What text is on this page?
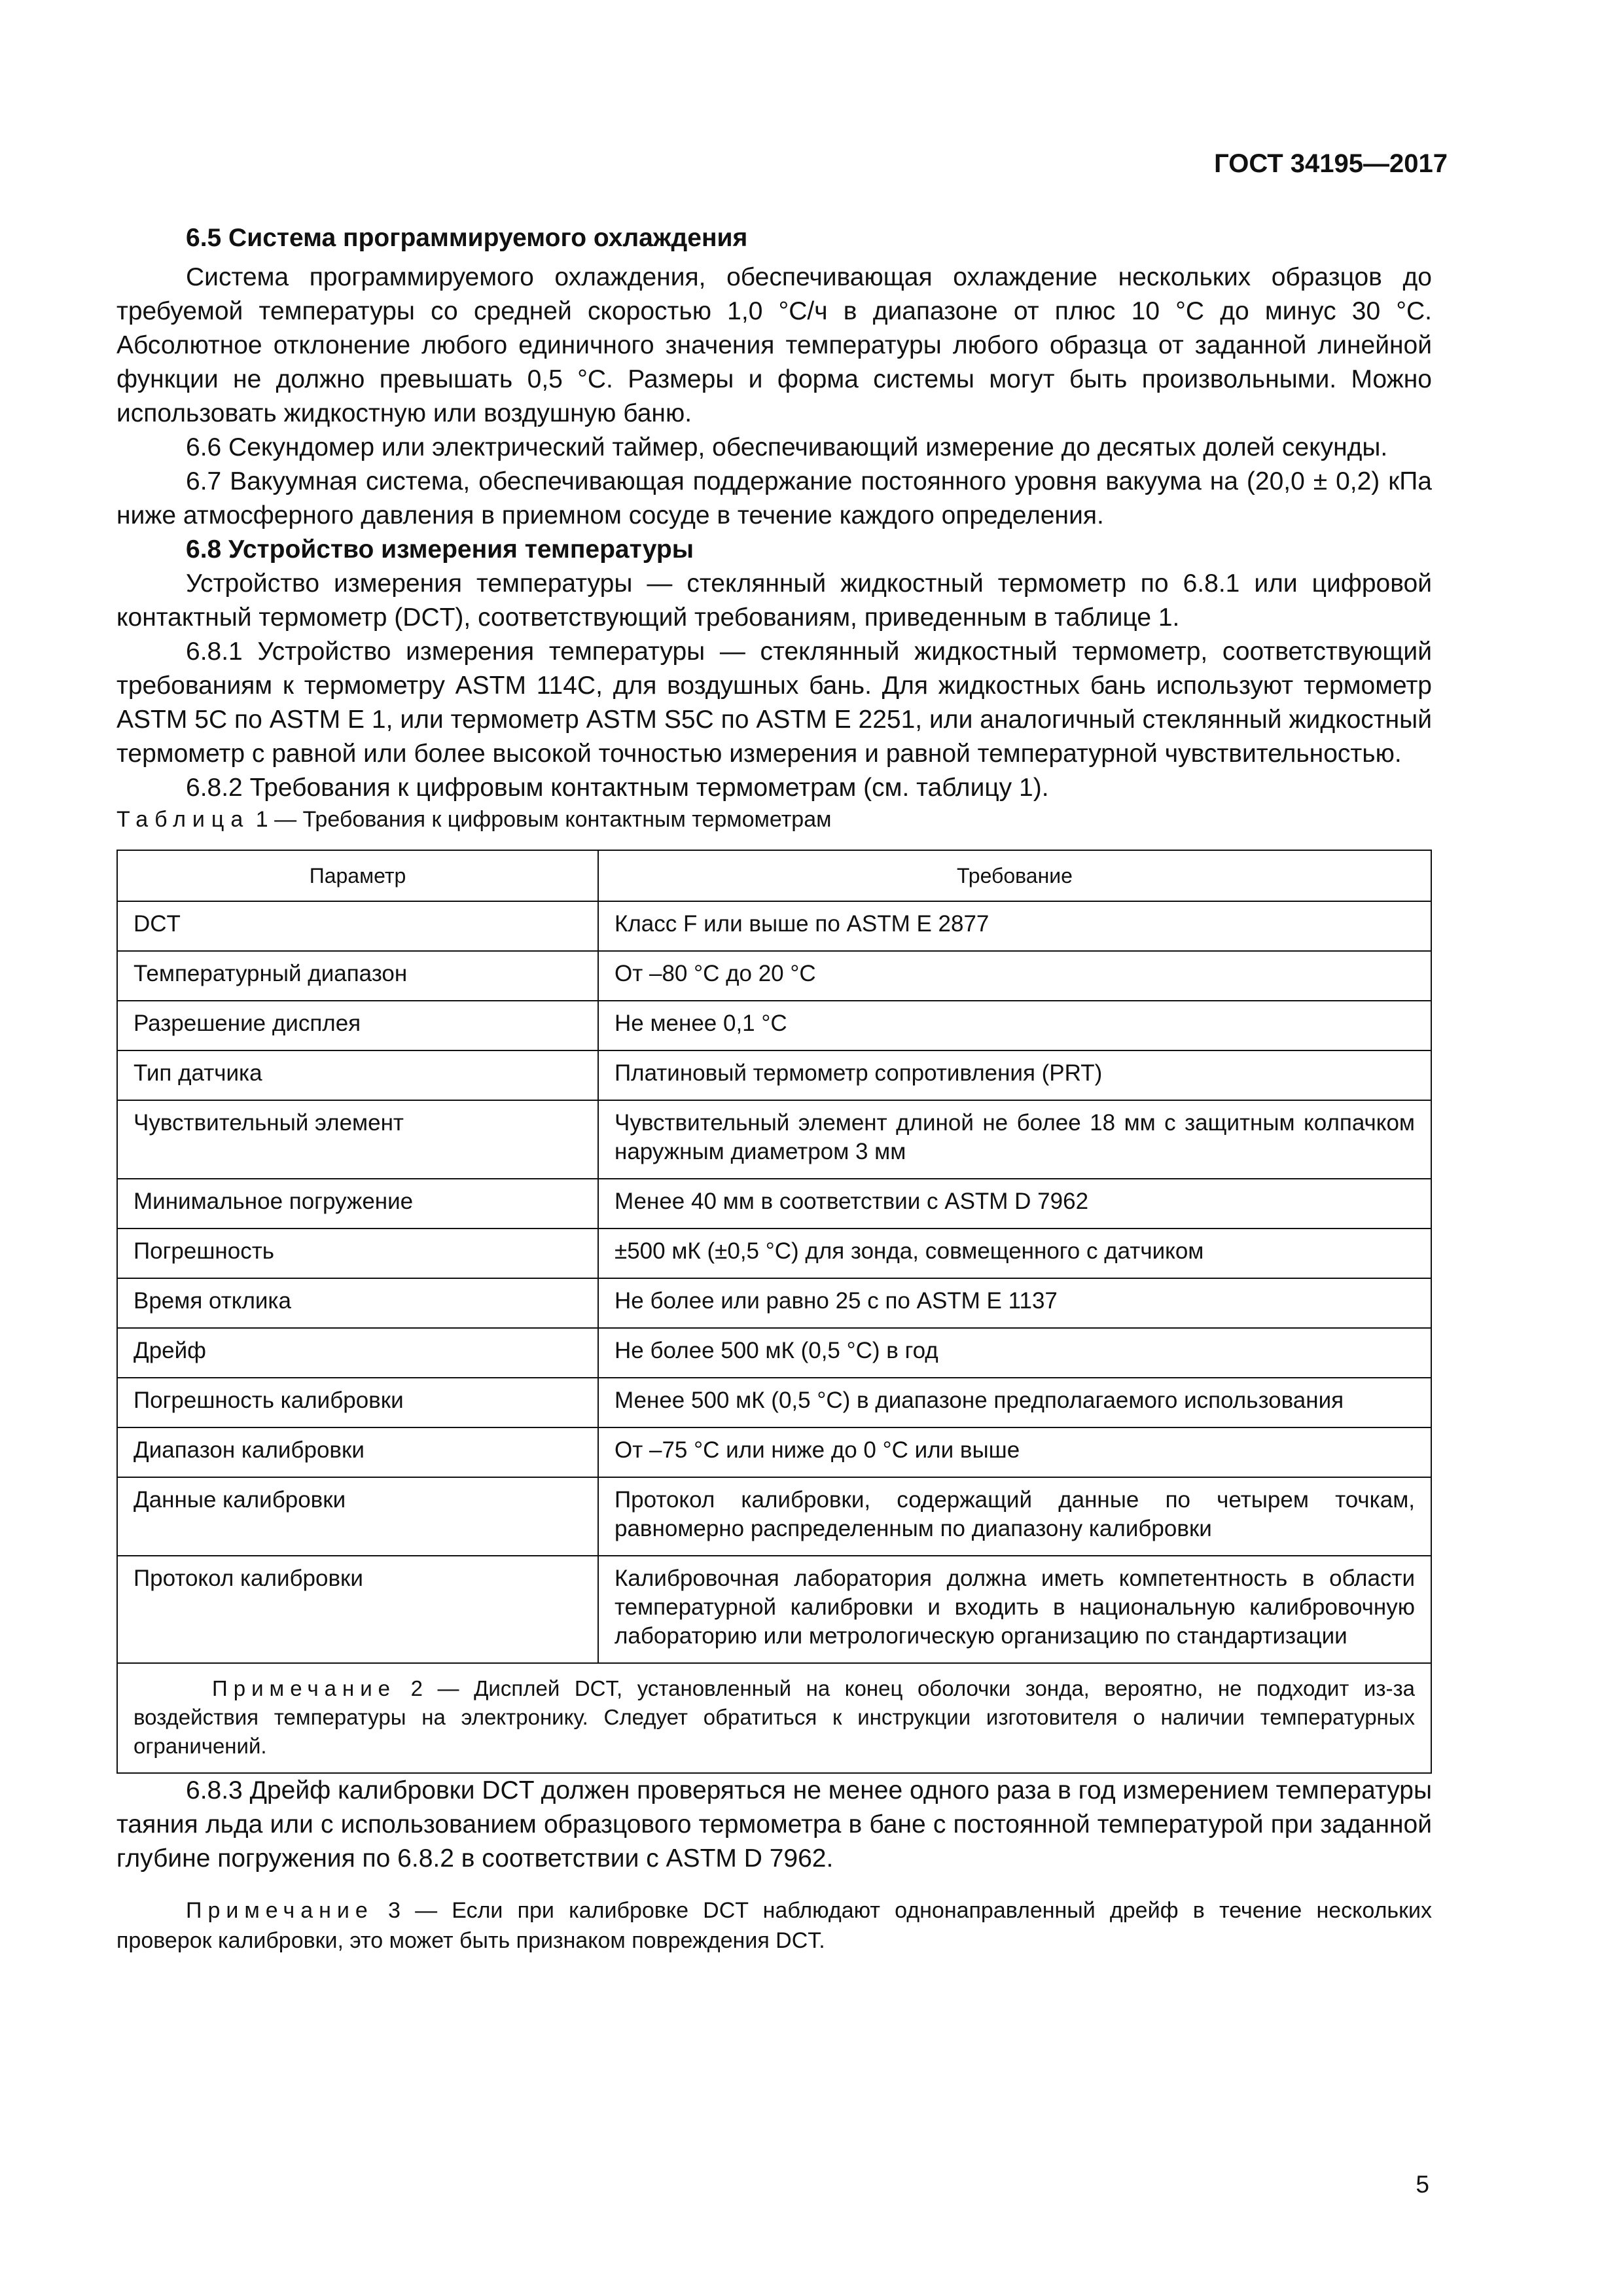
ГОСТ 34195—2017

6.5 Система программируемого охлаждения

Система программируемого охлаждения, обеспечивающая охлаждение нескольких образцов до требуемой температуры со средней скоростью 1,0 °С/ч в диапазоне от плюс 10 °С до минус 30 °С. Абсолютное отклонение любого единичного значения температуры любого образца от заданной линейной функции не должно превышать 0,5 °С. Размеры и форма системы могут быть произвольными. Можно использовать жидкостную или воздушную баню.

6.6 Секундомер или электрический таймер, обеспечивающий измерение до десятых долей секунды.

6.7 Вакуумная система, обеспечивающая поддержание постоянного уровня вакуума на (20,0 ± 0,2) кПа ниже атмосферного давления в приемном сосуде в течение каждого определения.

6.8 Устройство измерения температуры

Устройство измерения температуры — стеклянный жидкостный термометр по 6.8.1 или цифровой контактный термометр (DCT), соответствующий требованиям, приведенным в таблице 1.

6.8.1 Устройство измерения температуры — стеклянный жидкостный термометр, соответствующий требованиям к термометру ASTM 114C, для воздушных бань. Для жидкостных бань используют термометр ASTM 5C по ASTM E 1, или термометр ASTM S5C по ASTM E 2251, или аналогичный стеклянный жидкостный термометр с равной или более высокой точностью измерения и равной температурной чувствительностью.

6.8.2 Требования к цифровым контактным термометрам (см. таблицу 1).

Таблица 1 — Требования к цифровым контактным термометрам

Параметр	Требование
DCT	Класс F или выше по ASTM E 2877
Температурный диапазон	От –80 °С до 20 °С
Разрешение дисплея	Не менее 0,1 °С
Тип датчика	Платиновый термометр сопротивления (PRT)
Чувствительный элемент	Чувствительный элемент длиной не более 18 мм с защитным колпачком наружным диаметром 3 мм
Минимальное погружение	Менее 40 мм в соответствии с ASTM D 7962
Погрешность	±500 мК (±0,5 °С) для зонда, совмещенного с датчиком
Время отклика	Не более или равно 25 с по ASTM E 1137
Дрейф	Не более 500 мК (0,5 °С) в год
Погрешность калибровки	Менее 500 мК (0,5 °С) в диапазоне предполагаемого использования
Диапазон калибровки	От –75 °С или ниже до 0 °С или выше
Данные калибровки	Протокол калибровки, содержащий данные по четырем точкам, равномерно распределенным по диапазону калибровки
Протокол калибровки	Калибровочная лаборатория должна иметь компетентность в области температурной калибровки и входить в национальную калибровочную лабораторию или метрологическую организацию по стандартизации
Примечание 2 — Дисплей DCT, установленный на конец оболочки зонда, вероятно, не подходит из-за воздействия температуры на электронику. Следует обратиться к инструкции изготовителя о наличии температурных ограничений.	

6.8.3 Дрейф калибровки DCT должен проверяться не менее одного раза в год измерением температуры таяния льда или с использованием образцового термометра в бане с постоянной температурой при заданной глубине погружения по 6.8.2 в соответствии с ASTM D 7962.

Примечание 3 — Если при калибровке DCT наблюдают однонаправленный дрейф в течение нескольких проверок калибровки, это может быть признаком повреждения DCT.
5
